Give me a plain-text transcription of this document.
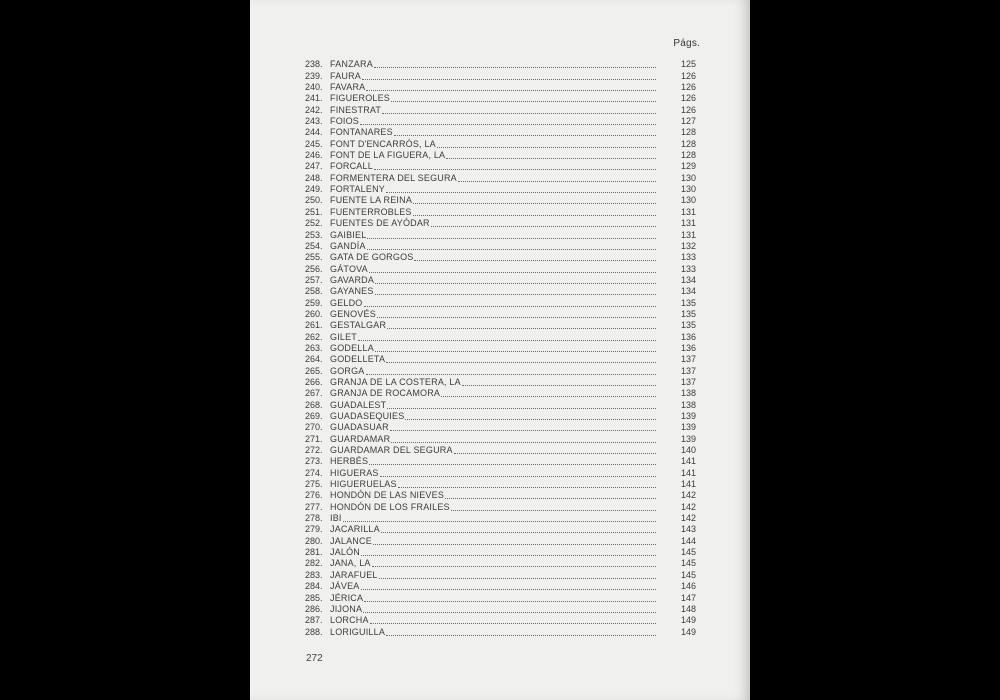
Págs.
238. FANZARA	125
239. FAURA	126
240. FAVARA	126
241. FIGUEROLES	126
242. FINESTRAT	126
243. FOIOS	127
244. FONTANARES	128
245. FONT D'ENCARRÓS, LA	128
246. FONT DE LA FIGUERA, LA	128
247. FORCALL	129
248. FORMENTERA DEL SEGURA	130
249. FORTALENY	130
250. FUENTE LA REINA	130
251. FUENTERROBLES	131
252. FUENTES DE AYÓDAR	131
253. GAIBIEL	131
254. GANDÍA	132
255. GATA DE GORGOS	133
256. GÁTOVA	133
257. GAVARDA	134
258. GAYANES	134
259. GELDO	135
260. GENOVÉS	135
261. GESTALGAR	135
262. GILET	136
263. GODELLA	136
264. GODELLETA	137
265. GORGA	137
266. GRANJA DE LA COSTERA, LA	137
267. GRANJA DE ROCAMORA	138
268. GUADALEST	138
269. GUADASEQUIES	139
270. GUADASUAR	139
271. GUARDAMAR	139
272. GUARDAMAR DEL SEGURA	140
273. HERBÉS	141
274. HIGUERAS	141
275. HIGUERUELAS	141
276. HONDÓN DE LAS NIEVES	142
277. HONDÓN DE LOS FRAILES	142
278. IBI	142
279. JACARILLA	143
280. JALANCE	144
281. JALÓN	145
282. JANA, LA	145
283. JARAFUEL	145
284. JÁVEA	146
285. JÉRICA	147
286. JIJONA	148
287. LORCHA	149
288. LORIGUILLA	149
272
